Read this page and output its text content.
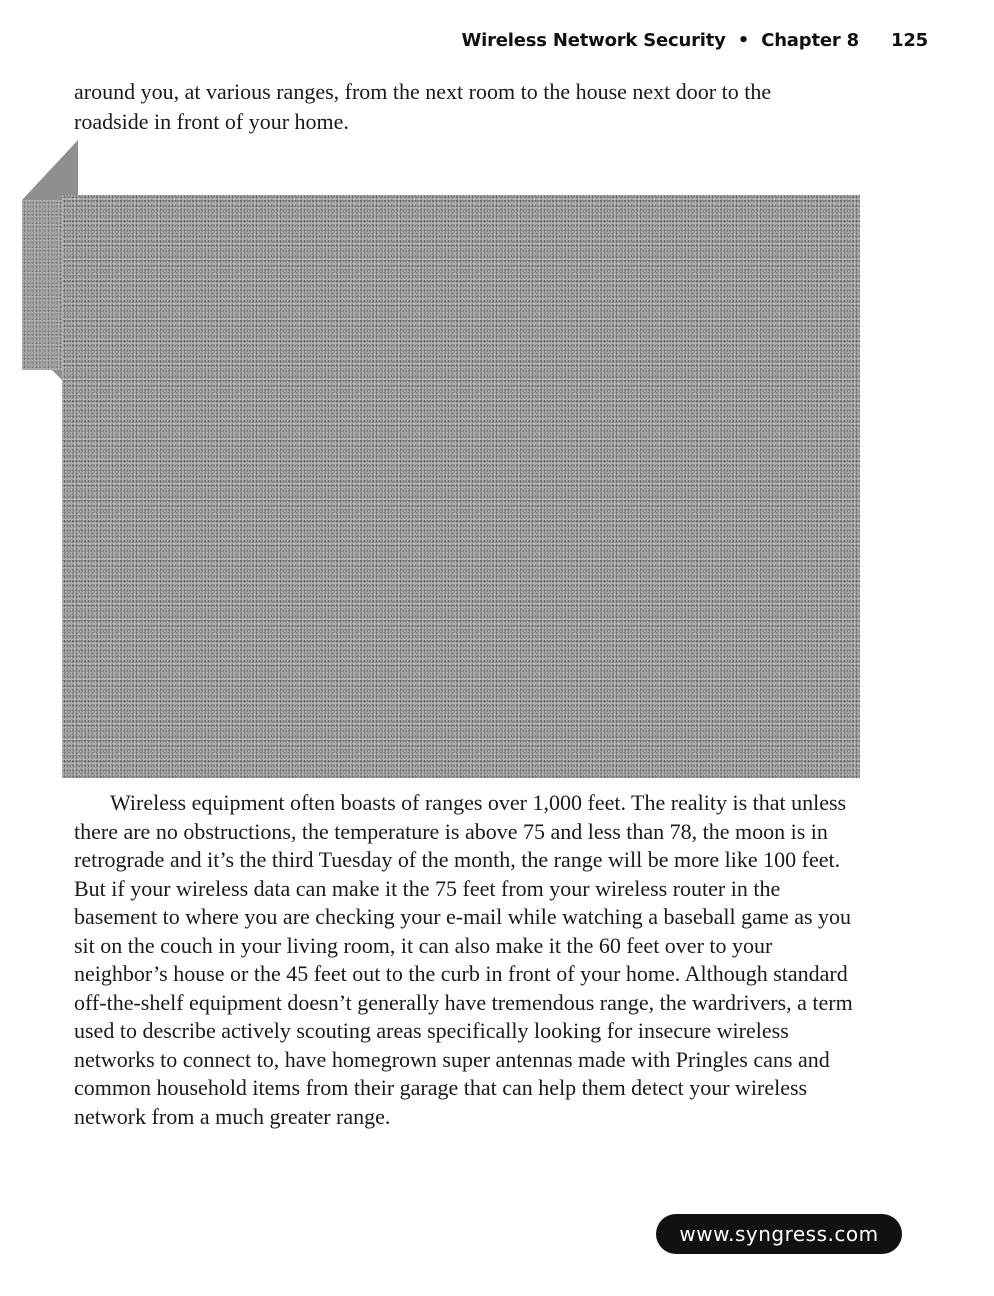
Wireless Network Security • Chapter 8 125

around you, at various ranges, from the next room to the house next door to the roadside in front of your home.

Wireless equipment often boasts of ranges over 1,000 feet. The reality is that unless there are no obstructions, the temperature is above 75 and less than 78, the moon is in retrograde and it’s the third Tuesday of the month, the range will be more like 100 feet. But if your wireless data can make it the 75 feet from your wireless router in the basement to where you are checking your e-mail while watching a baseball game as you sit on the couch in your living room, it can also make it the 60 feet over to your neighbor’s house or the 45 feet out to the curb in front of your home. Although standard off-the-shelf equipment doesn’t generally have tremendous range, the wardrivers, a term used to describe actively scouting areas specifically looking for insecure wireless networks to connect to, have homegrown super antennas made with Pringles cans and common household items from their garage that can help them detect your wireless network from a much greater range.

www.syngress.com
